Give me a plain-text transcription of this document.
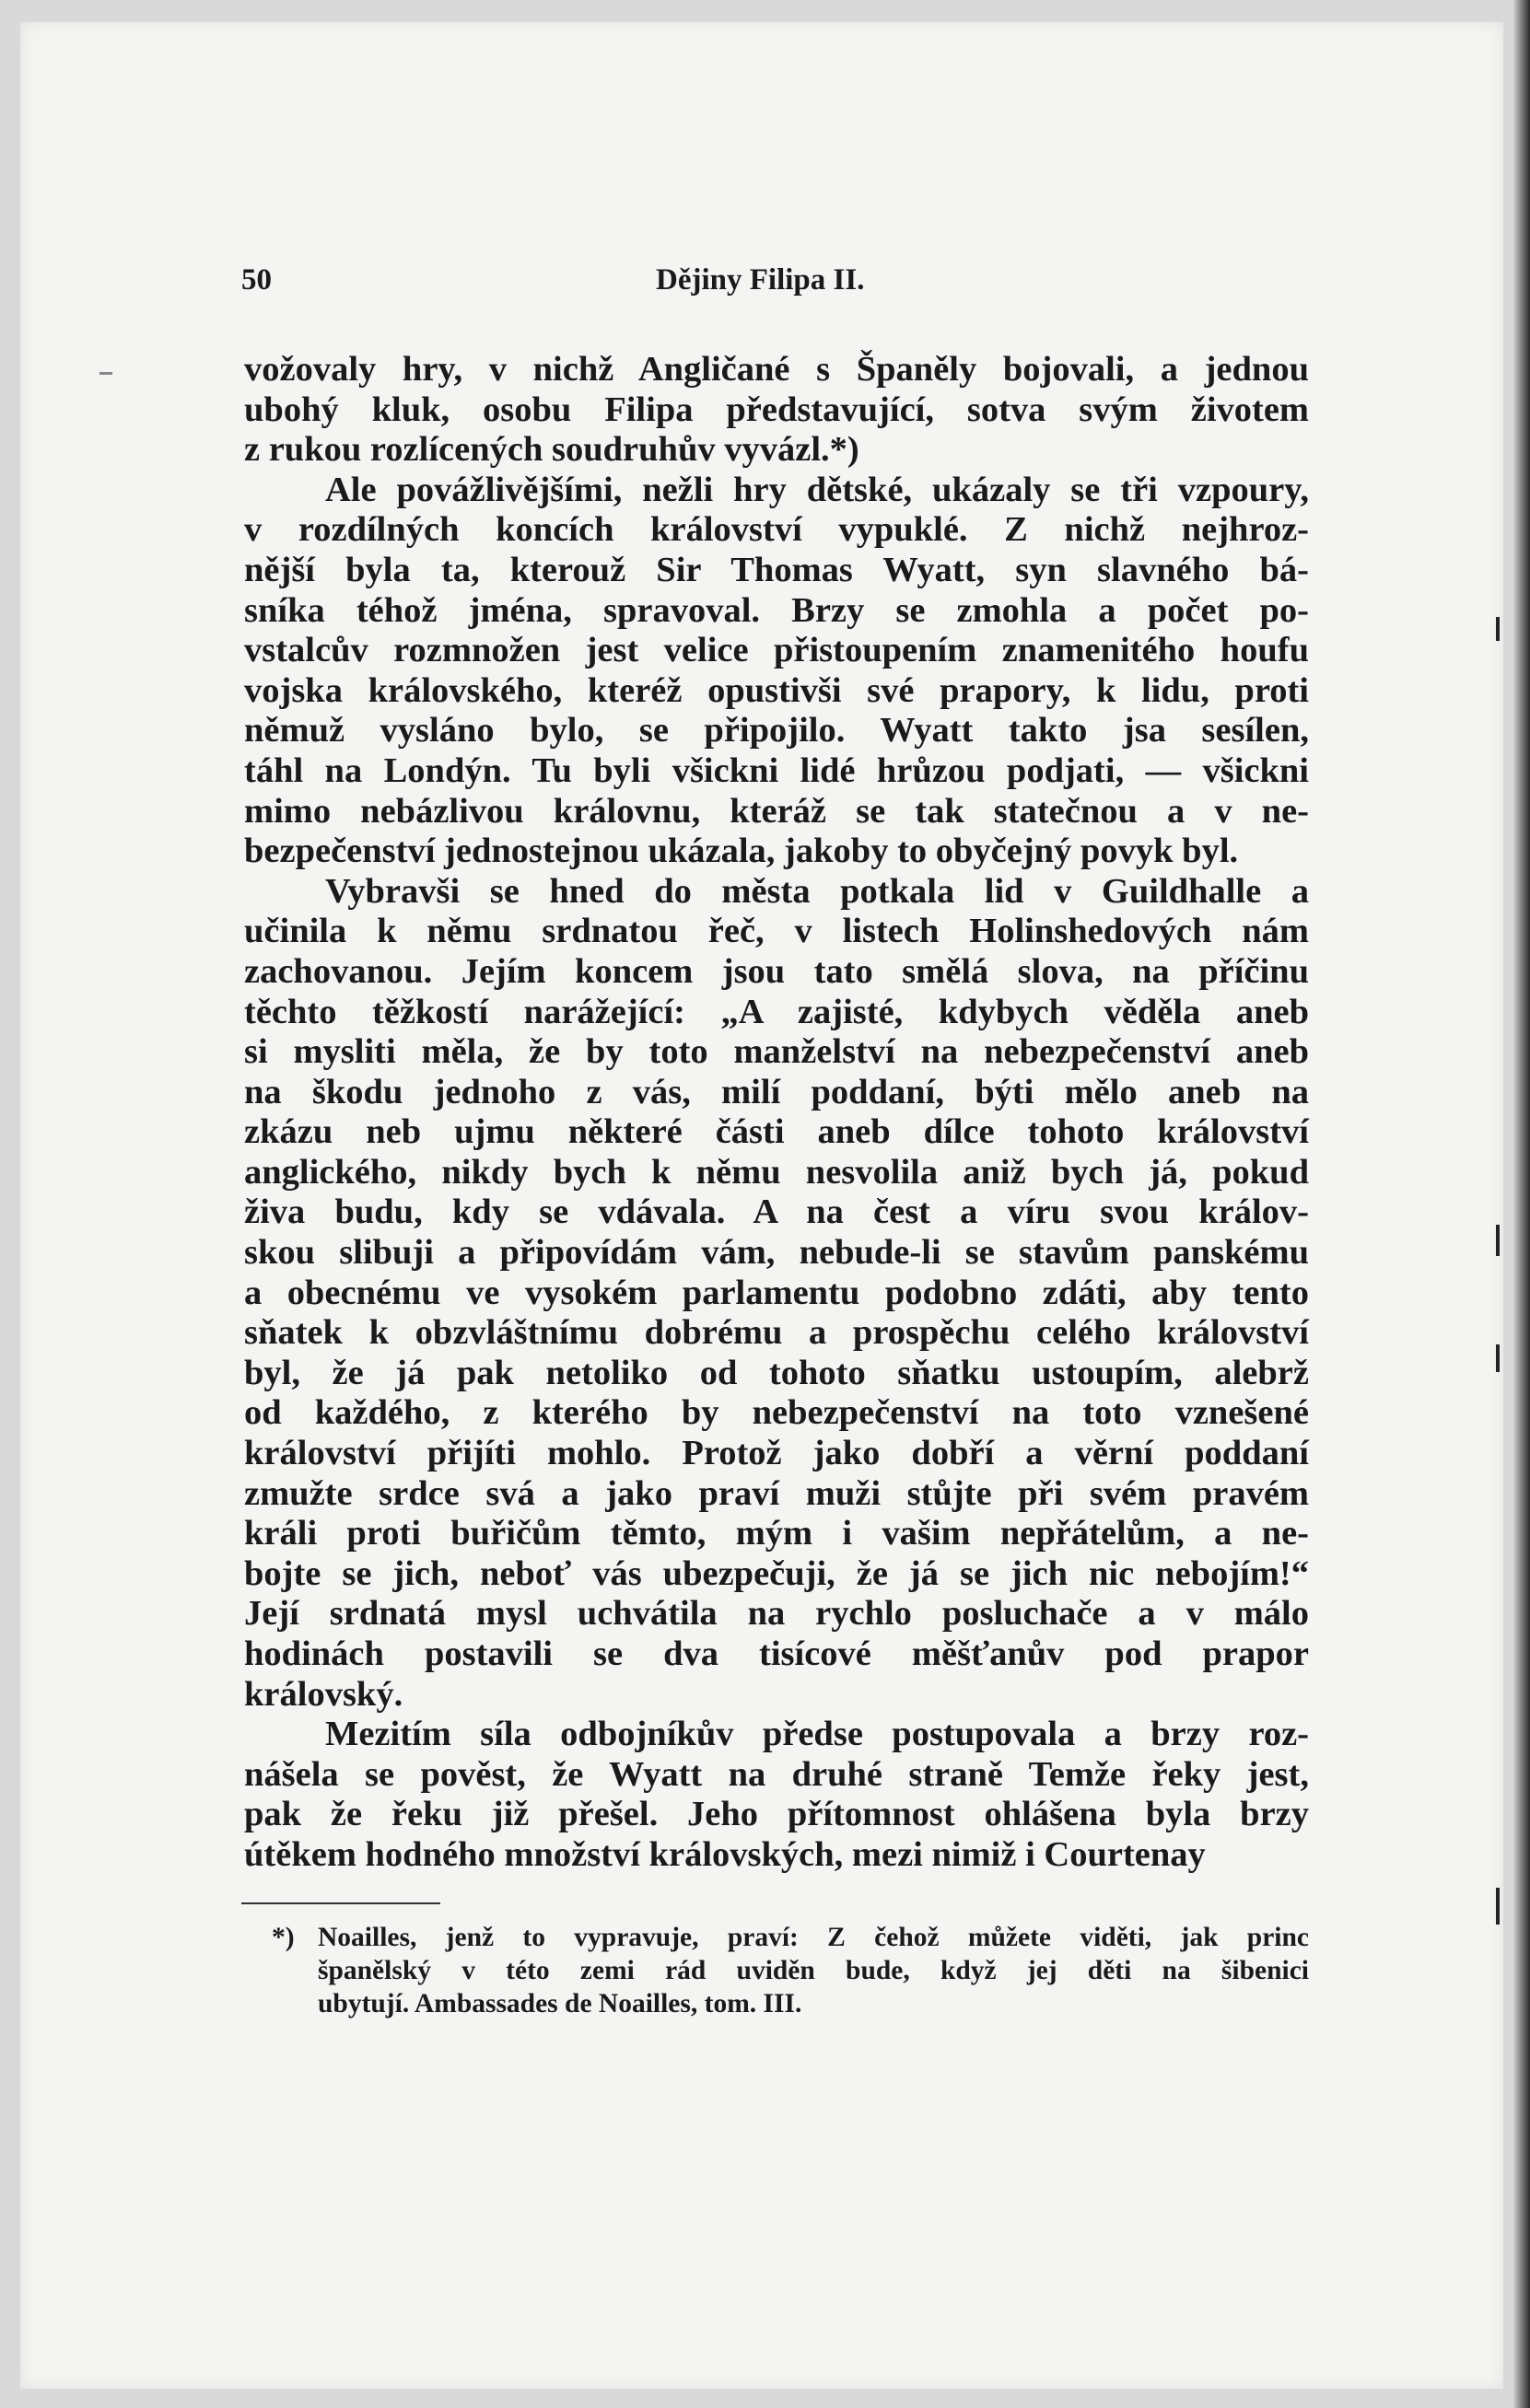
50	Dějiny Filipa II.
vožovaly hry, v nichž Angličané s Španěly bojovali, a jednou
ubohý kluk, osobu Filipa představující, sotva svým životem
z rukou rozlícených soudruhův vyvázl.*)
Ale povážlivějšími, nežli hry dětské, ukázaly se tři vzpoury,
v rozdílných koncích království vypuklé. Z nichž nejhroz-
nější byla ta, kterouž Sir Thomas Wyatt, syn slavného bá-
sníka téhož jména, spravoval. Brzy se zmohla a počet po-
vstalcův rozmnožen jest velice přistoupením znamenitého houfu
vojska královského, kteréž opustivši své prapory, k lidu, proti
němuž vysláno bylo, se připojilo. Wyatt takto jsa sesílen,
táhl na Londýn. Tu byli všickni lidé hrůzou podjati, — všickni
mimo nebázlivou královnu, kteráž se tak statečnou a v ne-
bezpečenství jednostejnou ukázala, jakoby to obyčejný povyk byl.
Vybravši se hned do města potkala lid v Guildhalle a
učinila k němu srdnatou řeč, v listech Holinshedových nám
zachovanou. Jejím koncem jsou tato smělá slova, na příčinu
těchto těžkostí narážející: „A zajisté, kdybych věděla aneb
si mysliti měla, že by toto manželství na nebezpečenství aneb
na škodu jednoho z vás, milí poddaní, býti mělo aneb na
zkázu neb ujmu některé části aneb dílce tohoto království
anglického, nikdy bych k němu nesvolila aniž bych já, pokud
živa budu, kdy se vdávala. A na čest a víru svou králov-
skou slibuji a připovídám vám, nebude-li se stavům panskému
a obecnému ve vysokém parlamentu podobno zdáti, aby tento
sňatek k obzvláštnímu dobrému a prospěchu celého království
byl, že já pak netoliko od tohoto sňatku ustoupím, alebrž
od každého, z kterého by nebezpečenství na toto vznešené
království přijíti mohlo. Protož jako dobří a věrní poddaní
zmužte srdce svá a jako praví muži stůjte při svém pravém
králi proti buřičům těmto, mým i vašim nepřátelům, a ne-
bojte se jich, neboť vás ubezpečuji, že já se jich nic nebojím!“
Její srdnatá mysl uchvátila na rychlo posluchače a v málo
hodinách postavili se dva tisícové měšťanův pod prapor
královský.
Mezitím síla odbojníkův předse postupovala a brzy roz-
nášela se pověst, že Wyatt na druhé straně Temže řeky jest,
pak že řeku již přešel. Jeho přítomnost ohlášena byla brzy
útěkem hodného množství královských, mezi nimiž i Courtenay
*) Noailles, jenž to vypravuje, praví: Z čehož můžete viděti, jak princ
španělský v této zemi rád uviděn bude, když jej děti na šibenici
ubytují. Ambassades de Noailles, tom. III.
